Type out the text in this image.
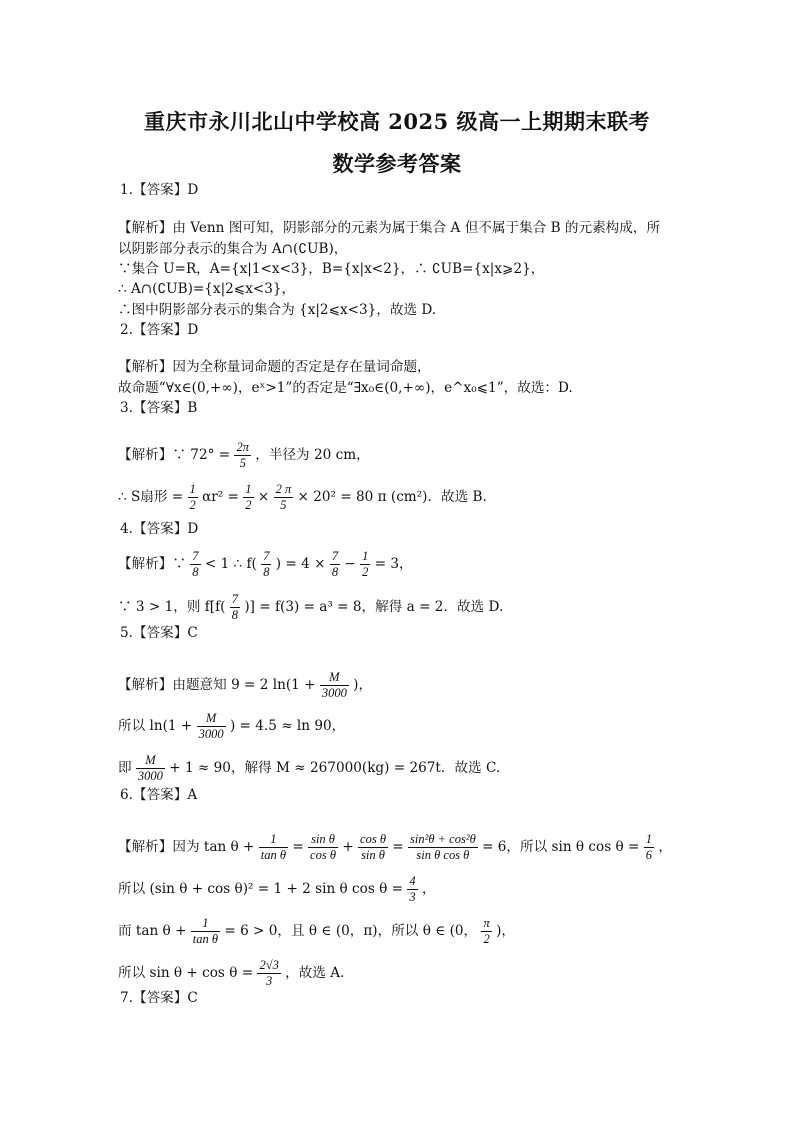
重庆市永川北山中学校高 2025 级高一上期期末联考
数学参考答案
1.【答案】D
【解析】由 Venn 图可知，阴影部分的元素为属于集合 A 但不属于集合 B 的元素构成，所
以阴影部分表示的集合为 A∩(∁UB)，
∵集合 U=R，A={x|1<x<3}，B={x|x<2}，∴ ∁UB={x|x⩾2}，
∴ A∩(∁UB)={x|2⩽x<3}，
∴图中阴影部分表示的集合为 {x|2⩽x<3}，故选 D.
2.【答案】D
【解析】因为全称量词命题的否定是存在量词命题，
故命题“∀x∈(0,+∞)，eˣ>1”的否定是“∃x₀∈(0,+∞)，e^x₀⩽1”，故选：D.
3.【答案】B
【解析】∵ $72^\circ = \frac{2\pi}{5}$ ，半径为 20 cm，
∴ S扇形 = $\frac{1}{2} \alpha r^2 = \frac{1}{2} \times \frac{2 \pi}{5} \times 20^2 = 80$ π (cm²)．故选 B.
4.【答案】D
【解析】∵ $\frac{7}{8} < 1$ ∴ $f( \frac{7}{8}$ ) = $4 \times \frac{7}{8} - \frac{1}{2} = 3$，
∵ 3 > 1，则 $f[f( \frac{7}{8}$ )] = f(3) = a³ = 8，解得 a = 2．故选 D.
5.【答案】C
【解析】由题意知 9 = 2 $\ln(1 + \frac{M}{3000}$ )，
所以 $\ln(1 + \frac{M}{3000}$ ) = 4.5 ≈ ln 90，
即 $\frac{M}{3000} + 1 \approx 90$，解得 M ≈ 267000(kg) = 267t．故选 C.
6.【答案】A
【解析】因为 $\tan \theta + \frac{1}{\text{tan θ}} = \frac{\text{sin θ}}{\text{cos θ}} + \frac{\text{cos θ}}{\text{sin θ}} = \frac{\text{sin²θ + cos²θ}}{\text{sin θ cos θ}} = 6$，所以 sin θ $\cos \theta = \frac{1}{6}$ ，
所以 (sin θ + cos θ)² = 1 + 2 sin θ $\cos \theta = \frac{4}{3}$ ，
而 $\tan \theta + \frac{1}{\text{tan θ}} = 6 > 0$，且 θ ∈ (0，π)，所以 θ ∈ (0， $\frac{\pi}{2}$ )，
所以 $\sin \theta + \cos \theta = \frac{2√3}{3}$ ，故选 A.
7.【答案】C
